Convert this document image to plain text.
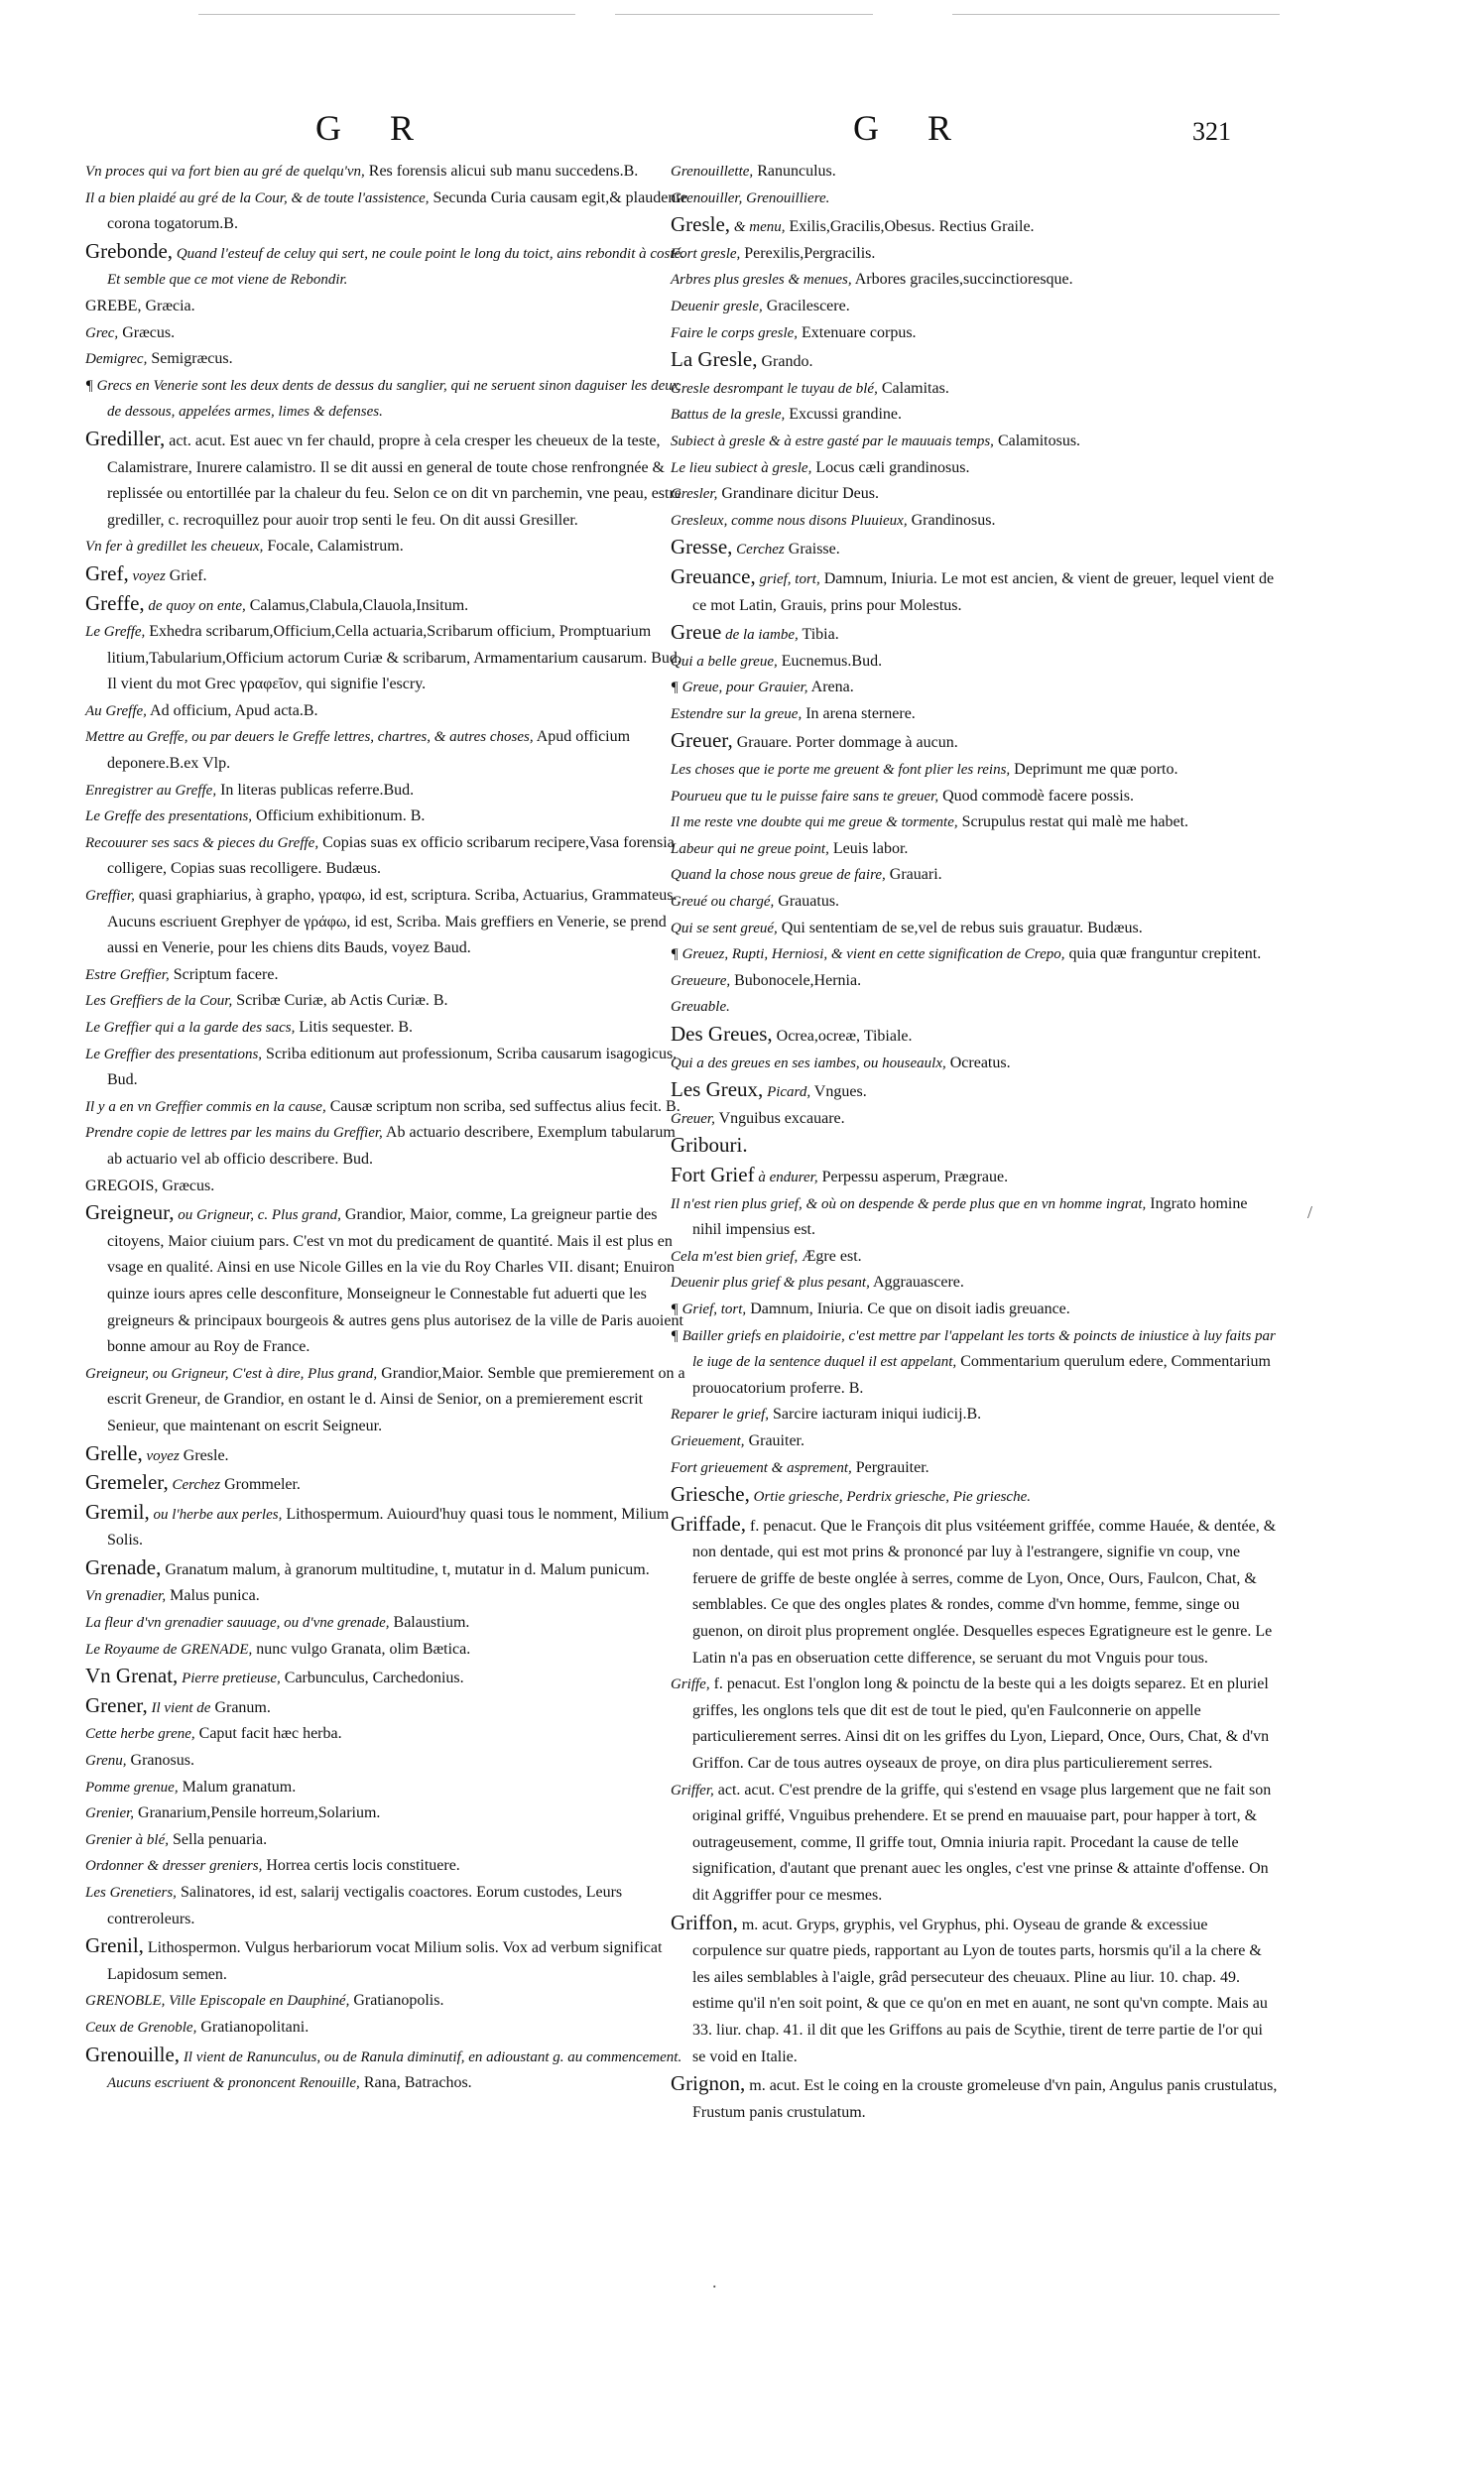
G R	G R	321

Vn proces qui va fort bien au gré de quelqu'vn, Res forensis alicui sub manu succedens.B.

Il a bien plaidé au gré de la Cour, & de toute l'assistence, Secunda Curia causam egit,& plaudente corona togatorum.B.

Grebonde, Quand l'esteuf de celuy qui sert, ne coule point le long du toict, ains rebondit à costé. Et semble que ce mot viene de Rebondir.

GREBE, Græcia.

Grec, Græcus.

Demigrec, Semigræcus.

¶ Grecs en Venerie sont les deux dents de dessus du sanglier, qui ne seruent sinon daguiser les deux de dessous, appelées armes, limes & defenses.

Grediller, act. acut. Est auec vn fer chauld, propre à cela cresper les cheueux de la teste, Calamistrare, Inurere calamistro. Il se dit aussi en general de toute chose renfrongnée & replissée ou entortillée par la chaleur du feu. Selon ce on dit vn parchemin, vne peau, estre grediller, c. recroquillez pour auoir trop senti le feu. On dit aussi Gresiller.

Vn fer à gredillet les cheueux, Focale, Calamistrum.

Gref, voyez Grief.

Greffe, de quoy on ente, Calamus,Clabula,Clauola,Insitum.

Le Greffe, Exhedra scribarum,Officium,Cella actuaria,Scribarum officium, Promptuarium litium,Tabularium,Officium actorum Curiæ & scribarum, Armamentarium causarum. Bud. Il vient du mot Grec γραφεῖον, qui signifie l'escry.

Au Greffe, Ad officium, Apud acta.B.

Mettre au Greffe, ou par deuers le Greffe lettres, chartres, & autres choses, Apud officium deponere.B.ex Vlp.

Enregistrer au Greffe, In literas publicas referre.Bud.

Le Greffe des presentations, Officium exhibitionum. B.

Recouurer ses sacs & pieces du Greffe, Copias suas ex officio scribarum recipere,Vasa forensia colligere, Copias suas recolligere. Budæus.

Greffier, quasi graphiarius, à grapho, γραφω, id est, scriptura. Scriba, Actuarius, Grammateus. Aucuns escriuent Grephyer de γράφω, id est, Scriba. Mais greffiers en Venerie, se prend aussi en Venerie, pour les chiens dits Bauds, voyez Baud.

Estre Greffier, Scriptum facere.

Les Greffiers de la Cour, Scribæ Curiæ, ab Actis Curiæ. B.

Le Greffier qui a la garde des sacs, Litis sequester. B.

Le Greffier des presentations, Scriba editionum aut professionum, Scriba causarum isagogicus. Bud.

Il y a en vn Greffier commis en la cause, Causæ scriptum non scriba, sed suffectus alius fecit. B.

Prendre copie de lettres par les mains du Greffier, Ab actuario describere, Exemplum tabularum ab actuario vel ab officio describere. Bud.

GREGOIS, Græcus.

Greigneur, ou Grigneur, c. Plus grand, Grandior, Maior, comme, La greigneur partie des citoyens, Maior ciuium pars. C'est vn mot du predicament de quantité. Mais il est plus en vsage en qualité. Ainsi en use Nicole Gilles en la vie du Roy Charles VII. disant; Enuiron quinze iours apres celle desconfiture, Monseigneur le Connestable fut aduerti que les greigneurs & principaux bourgeois & autres gens plus autorisez de la ville de Paris auoient bonne amour au Roy de France.

Greigneur, ou Grigneur, C'est à dire, Plus grand, Grandior,Maior. Semble que premierement on a escrit Greneur, de Grandior, en ostant le d. Ainsi de Senior, on a premierement escrit Senieur, que maintenant on escrit Seigneur.

Grelle, voyez Gresle.

Gremeler, Cerchez Grommeler.

Gremil, ou l'herbe aux perles, Lithospermum. Auiourd'huy quasi tous le nomment, Milium Solis.

Grenade, Granatum malum, à granorum multitudine, t, mutatur in d. Malum punicum.

Vn grenadier, Malus punica.

La fleur d'vn grenadier sauuage, ou d'vne grenade, Balaustium.

Le Royaume de GRENADE, nunc vulgo Granata, olim Bætica.

Vn Grenat, Pierre pretieuse, Carbunculus, Carchedonius.

Grener, Il vient de Granum.

Cette herbe grene, Caput facit hæc herba.

Grenu, Granosus.

Pomme grenue, Malum granatum.

Grenier, Granarium,Pensile horreum,Solarium.

Grenier à blé, Sella penuaria.

Ordonner & dresser greniers, Horrea certis locis constituere.

Les Grenetiers, Salinatores, id est, salarij vectigalis coactores. Eorum custodes, Leurs contreroleurs.

Grenil, Lithospermon. Vulgus herbariorum vocat Milium solis. Vox ad verbum significat Lapidosum semen.

GRENOBLE, Ville Episcopale en Dauphiné, Gratianopolis.

Ceux de Grenoble, Gratianopolitani.

Grenouille, Il vient de Ranunculus, ou de Ranula diminutif, en adioustant g. au commencement. Aucuns escriuent & prononcent Renouille, Rana, Batrachos.

Grenouillette, Ranunculus.

Grenouiller, Grenouilliere.

Gresle, & menu, Exilis,Gracilis,Obesus. Rectius Graile.

Fort gresle, Perexilis,Pergracilis.

Arbres plus gresles & menues, Arbores graciles,succinctioresque.

Deuenir gresle, Gracilescere.

Faire le corps gresle, Extenuare corpus.

La Gresle, Grando.

Gresle desrompant le tuyau de blé, Calamitas.

Battus de la gresle, Excussi grandine.

Subiect à gresle & à estre gasté par le mauuais temps, Calamitosus.

Le lieu subiect à gresle, Locus cæli grandinosus.

Gresler, Grandinare dicitur Deus.

Gresleux, comme nous disons Pluuieux, Grandinosus.

Gresse, Cerchez Graisse.

Greuance, grief, tort, Damnum, Iniuria. Le mot est ancien, & vient de greuer, lequel vient de ce mot Latin, Grauis, prins pour Molestus.

Greue de la iambe, Tibia.

Qui a belle greue, Eucnemus.Bud.

¶ Greue, pour Grauier, Arena.

Estendre sur la greue, In arena sternere.

Greuer, Grauare. Porter dommage à aucun.

Les choses que ie porte me greuent & font plier les reins, Deprimunt me quæ porto.

Pourueu que tu le puisse faire sans te greuer, Quod commodè facere possis.

Il me reste vne doubte qui me greue & tormente, Scrupulus restat qui malè me habet.

Labeur qui ne greue point, Leuis labor.

Quand la chose nous greue de faire, Grauari.

Greué ou chargé, Grauatus.

Qui se sent greué, Qui sententiam de se,vel de rebus suis grauatur. Budæus.

¶ Greuez, Rupti, Herniosi, & vient en cette signification de Crepo, quia quæ franguntur crepitent.

Greueure, Bubonocele,Hernia.

Greuable.

Des Greues, Ocrea,ocreæ, Tibiale.

Qui a des greues en ses iambes, ou houseaulx, Ocreatus.

Les Greux, Picard, Vngues.

Greuer, Vnguibus excauare.

Gribouri.

Fort Grief à endurer, Perpessu asperum, Prægraue.

Il n'est rien plus grief, & où on despende & perde plus que en vn homme ingrat, Ingrato homine nihil impensius est.

Cela m'est bien grief, Ægre est.

Deuenir plus grief & plus pesant, Aggrauascere.

¶ Grief, tort, Damnum, Iniuria. Ce que on disoit iadis greuance.

¶ Bailler griefs en plaidoirie, c'est mettre par l'appelant les torts & poincts de iniustice à luy faits par le iuge de la sentence duquel il est appelant, Commentarium querulum edere, Commentarium prouocatorium proferre. B.

Reparer le grief, Sarcire iacturam iniqui iudicij.B.

Grieuement, Grauiter.

Fort grieuement & asprement, Pergrauiter.

Griesche, Ortie griesche, Perdrix griesche, Pie griesche.

Griffade, f. penacut. Que le François dit plus vsitéement griffée, comme Hauée, & dentée, & non dentade, qui est mot prins & prononcé par luy à l'estrangere, signifie vn coup, vne feruere de griffe de beste onglée à serres, comme de Lyon, Once, Ours, Faulcon, Chat, & semblables. Ce que des ongles plates & rondes, comme d'vn homme, femme, singe ou guenon, on diroit plus proprement onglée. Desquelles especes Egratigneure est le genre. Le Latin n'a pas en obseruation cette difference, se seruant du mot Vnguis pour tous.

Griffe, f. penacut. Est l'onglon long & poinctu de la beste qui a les doigts separez. Et en pluriel griffes, les onglons tels que dit est de tout le pied, qu'en Faulconnerie on appelle particulierement serres. Ainsi dit on les griffes du Lyon, Liepard, Once, Ours, Chat, & d'vn Griffon. Car de tous autres oyseaux de proye, on dira plus particulierement serres.

Griffer, act. acut. C'est prendre de la griffe, qui s'estend en vsage plus largement que ne fait son original griffé, Vnguibus prehendere. Et se prend en mauuaise part, pour happer à tort, & outrageusement, comme, Il griffe tout, Omnia iniuria rapit. Procedant la cause de telle signification, d'autant que prenant auec les ongles, c'est vne prinse & attainte d'offense. On dit Aggriffer pour ce mesmes.

Griffon, m. acut. Gryps, gryphis, vel Gryphus, phi. Oyseau de grande & excessiue corpulence sur quatre pieds, rapportant au Lyon de toutes parts, horsmis qu'il a la chere & les ailes semblables à l'aigle, grâd persecuteur des cheuaux. Pline au liur. 10. chap. 49. estime qu'il n'en soit point, & que ce qu'on en met en auant, ne sont qu'vn compte. Mais au 33. liur. chap. 41. il dit que les Griffons au pais de Scythie, tirent de terre partie de l'or qui se void en Italie.

Grignon, m. acut. Est le coing en la crouste gromeleuse d'vn pain, Angulus panis crustulatus, Frustum panis crustulatum.

/
.
